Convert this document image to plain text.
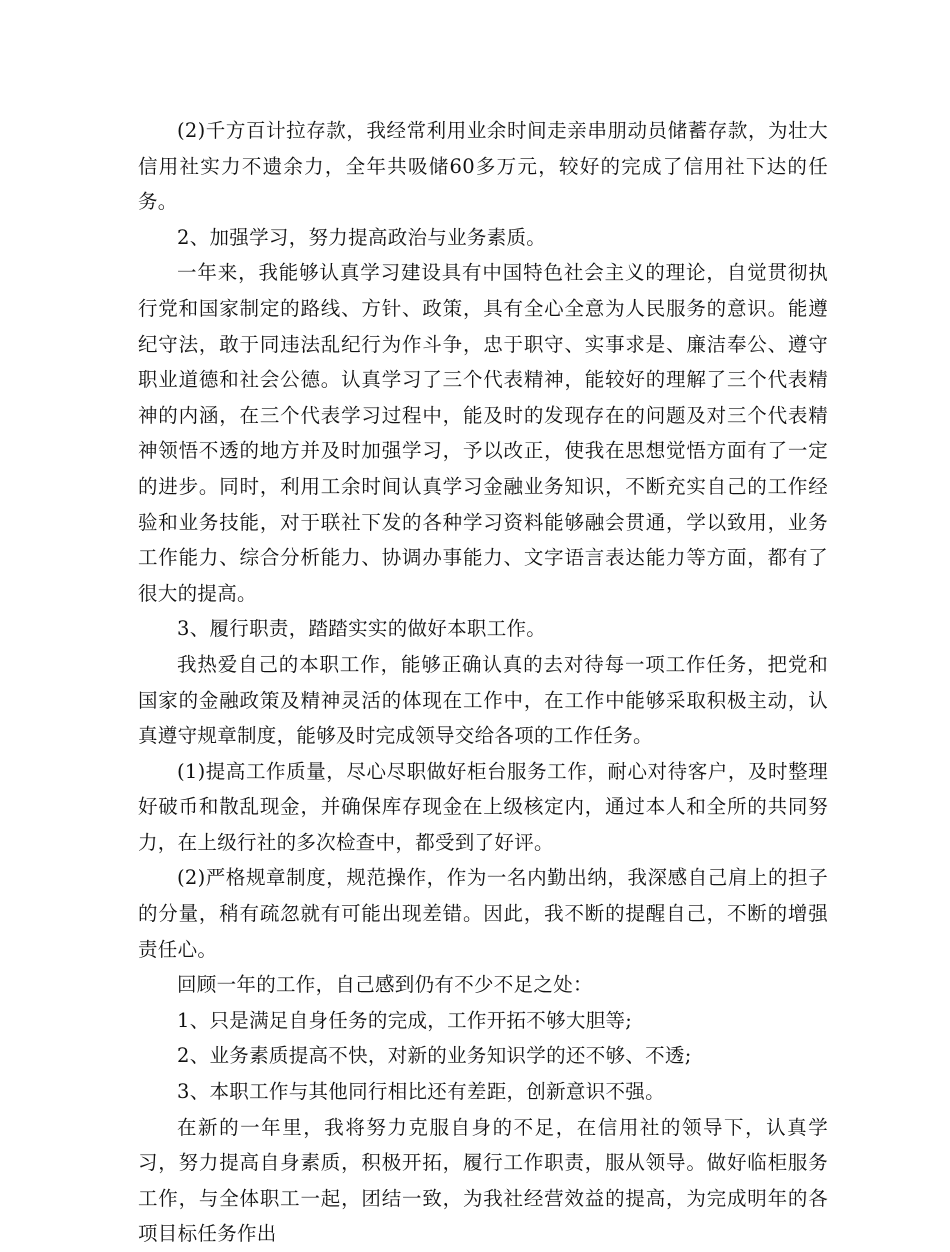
(2)千方百计拉存款，我经常利用业余时间走亲串朋动员储蓄存款，为壮大信用社实力不遗余力，全年共吸储60多万元，较好的完成了信用社下达的任务。

2、加强学习，努力提高政治与业务素质。

一年来，我能够认真学习建设具有中国特色社会主义的理论，自觉贯彻执行党和国家制定的路线、方针、政策，具有全心全意为人民服务的意识。能遵纪守法，敢于同违法乱纪行为作斗争，忠于职守、实事求是、廉洁奉公、遵守职业道德和社会公德。认真学习了三个代表精神，能较好的理解了三个代表精神的内涵，在三个代表学习过程中，能及时的发现存在的问题及对三个代表精神领悟不透的地方并及时加强学习，予以改正，使我在思想觉悟方面有了一定的进步。同时，利用工余时间认真学习金融业务知识，不断充实自己的工作经验和业务技能，对于联社下发的各种学习资料能够融会贯通，学以致用，业务工作能力、综合分析能力、协调办事能力、文字语言表达能力等方面，都有了很大的提高。

3、履行职责，踏踏实实的做好本职工作。

我热爱自己的本职工作，能够正确认真的去对待每一项工作任务，把党和国家的金融政策及精神灵活的体现在工作中，在工作中能够采取积极主动，认真遵守规章制度，能够及时完成领导交给各项的工作任务。

(1)提高工作质量，尽心尽职做好柜台服务工作，耐心对待客户，及时整理好破币和散乱现金，并确保库存现金在上级核定内，通过本人和全所的共同努力，在上级行社的多次检查中，都受到了好评。

(2)严格规章制度，规范操作，作为一名内勤出纳，我深感自己肩上的担子的分量，稍有疏忽就有可能出现差错。因此，我不断的提醒自己，不断的增强责任心。

回顾一年的工作，自己感到仍有不少不足之处：

1、只是满足自身任务的完成，工作开拓不够大胆等;

2、业务素质提高不快，对新的业务知识学的还不够、不透;

3、本职工作与其他同行相比还有差距，创新意识不强。

在新的一年里，我将努力克服自身的不足，在信用社的领导下，认真学习，努力提高自身素质，积极开拓，履行工作职责，服从领导。做好临柜服务工作，与全体职工一起，团结一致，为我社经营效益的提高，为完成明年的各项目标任务作出
